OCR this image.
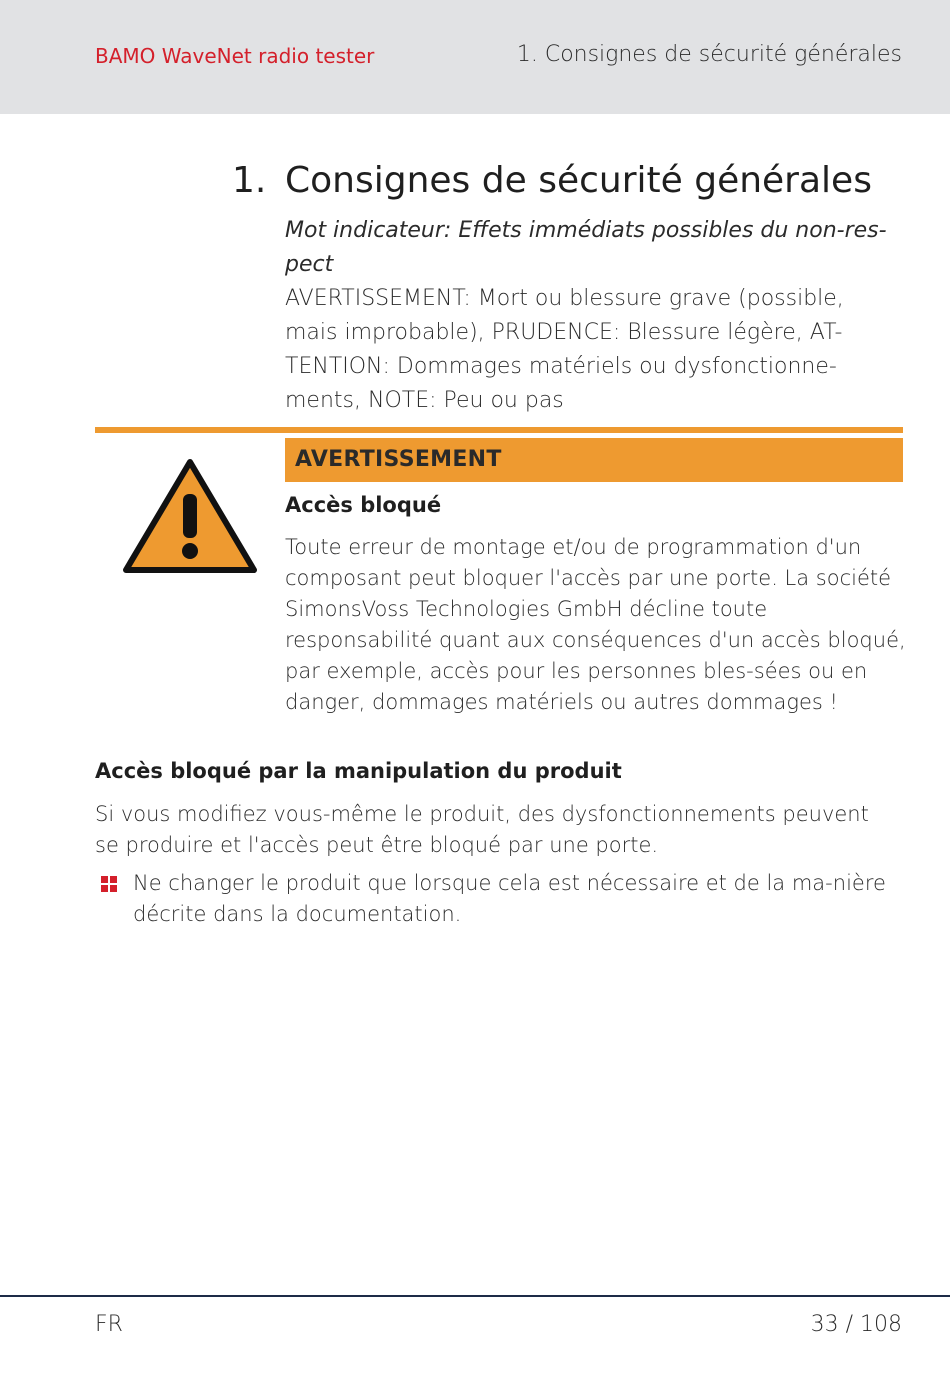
BAMO WaveNet radio tester	1. Consignes de sécurité générales
1. Consignes de sécurité générales
Mot indicateur: Effets immédiats possibles du non-res-pect
AVERTISSEMENT: Mort ou blessure grave (possible, mais improbable), PRUDENCE: Blessure légère, AT-TENTION: Dommages matériels ou dysfonctionne-ments, NOTE: Peu ou pas
AVERTISSEMENT
Accès bloqué
Toute erreur de montage et/ou de programmation d'un composant peut bloquer l'accès par une porte. La société SimonsVoss Technologies GmbH décline toute responsabilité quant aux conséquences d'un accès bloqué, par exemple, accès pour les personnes bles-sées ou en danger, dommages matériels ou autres dommages !
Accès bloqué par la manipulation du produit
Si vous modifiez vous-même le produit, des dysfonctionnements peuvent se produire et l'accès peut être bloqué par une porte.
Ne changer le produit que lorsque cela est nécessaire et de la ma-nière décrite dans la documentation.
FR	33 / 108
